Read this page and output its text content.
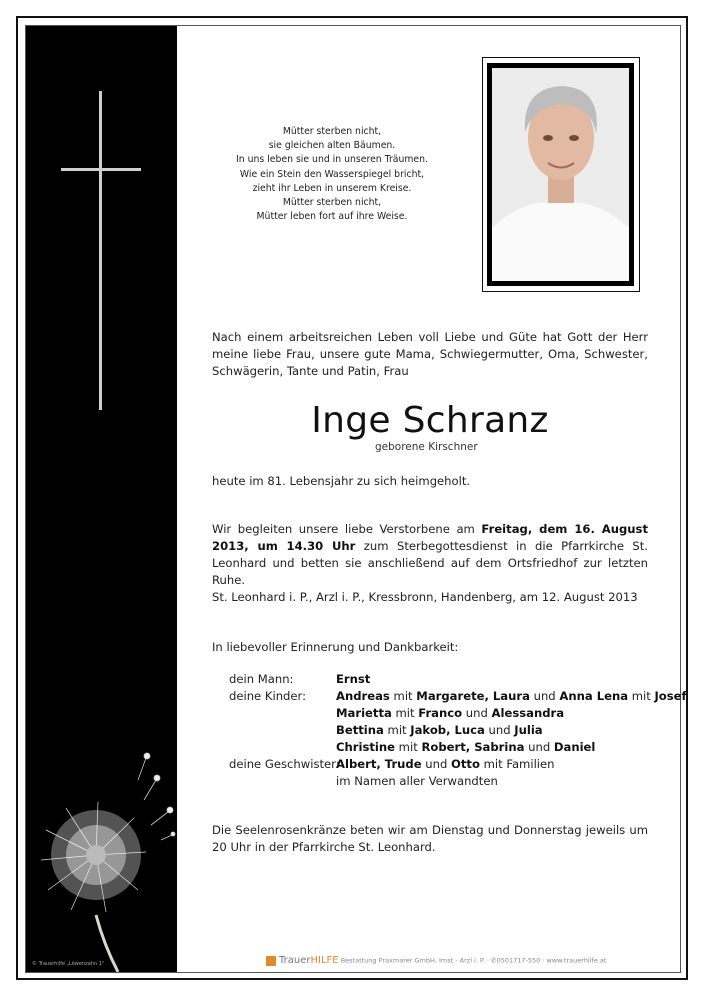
© Trauerhilfe „Löwenzahn 1"
Mütter sterben nicht,
sie gleichen alten Bäumen.
In uns leben sie und in unseren Träumen.
Wie ein Stein den Wasserspiegel bricht,
zieht ihr Leben in unserem Kreise.
Mütter sterben nicht,
Mütter leben fort auf ihre Weise.
Nach einem arbeitsreichen Leben voll Liebe und Güte hat Gott der Herr meine liebe Frau, unsere gute Mama, Schwiegermutter, Oma, Schwester, Schwägerin, Tante und Patin, Frau
Inge Schranz
geborene Kirschner
heute im 81. Lebensjahr zu sich heimgeholt.
Wir begleiten unsere liebe Verstorbene am Freitag, dem 16. August 2013, um 14.30 Uhr zum Sterbegottesdienst in die Pfarrkirche St. Leonhard und betten sie anschließend auf dem Ortsfriedhof zur letzten Ruhe.
St. Leonhard i. P., Arzl i. P., Kressbronn, Handenberg, am 12. August 2013
In liebevoller Erinnerung und Dankbarkeit:
dein Mann:	Ernst
deine Kinder:	Andreas mit Margarete, Laura und Anna Lena mit Josef
Marietta mit Franco und Alessandra
Bettina mit Jakob, Luca und Julia
Christine mit Robert, Sabrina und Daniel
deine Geschwister:
Albert, Trude und Otto mit Familien
im Namen aller Verwandten
Die Seelenrosenkränze beten wir am Dienstag und Donnerstag jeweils um 20 Uhr in der Pfarrkirche St. Leonhard.
TrauerHILFE Bestattung Praxmarer GmbH, Imst - Arzl i. P. · ✆0501717-550 · www.trauerhilfe.at
